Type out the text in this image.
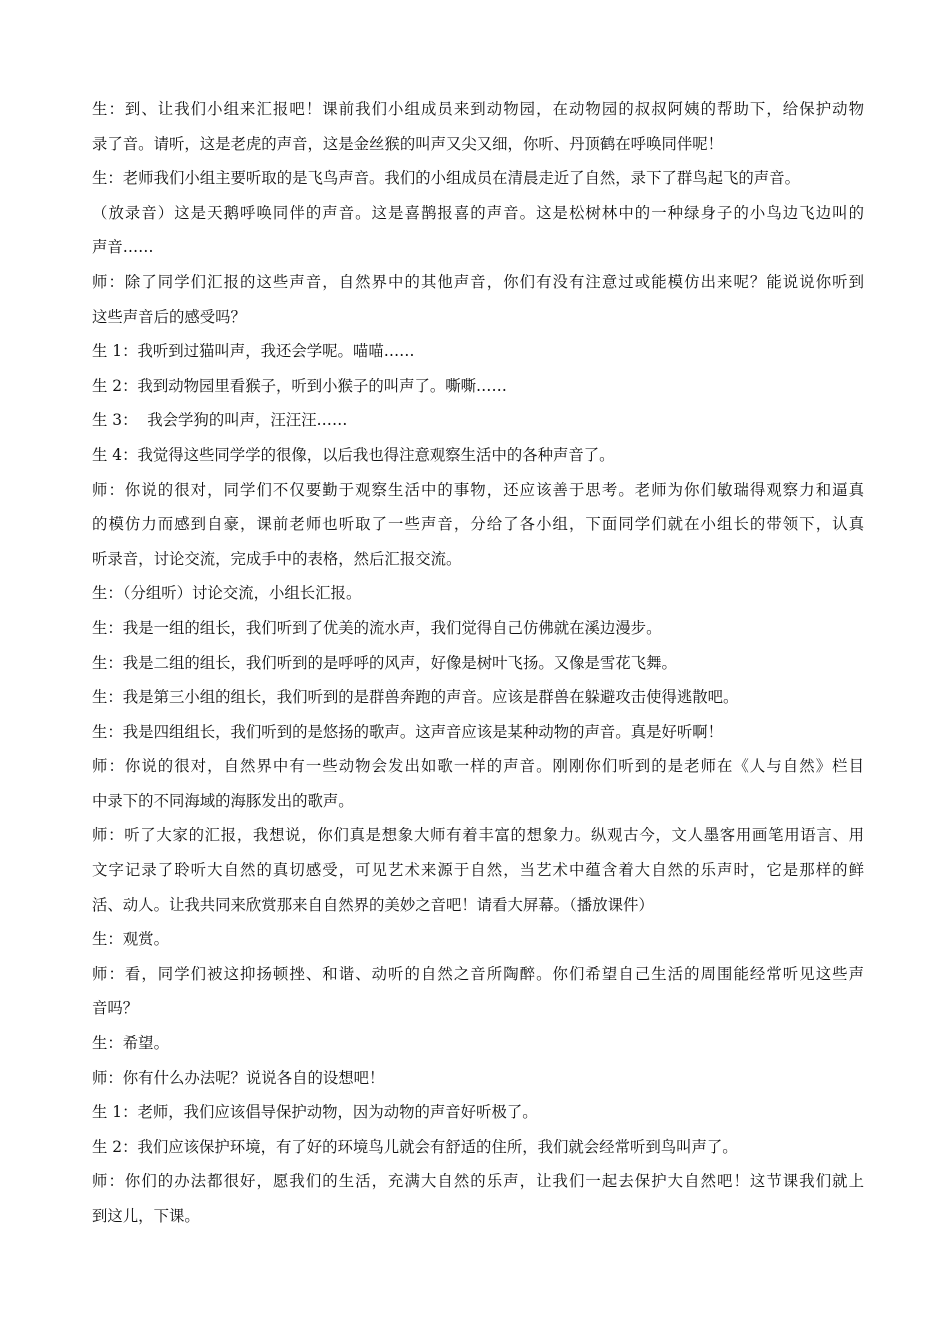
生：到、让我们小组来汇报吧！课前我们小组成员来到动物园，在动物园的叔叔阿姨的帮助下，给保护动物
录了音。请听，这是老虎的声音，这是金丝猴的叫声又尖又细，你听、丹顶鹤在呼唤同伴呢！
生：老师我们小组主要听取的是飞鸟声音。我们的小组成员在清晨走近了自然，录下了群鸟起飞的声音。
（放录音）这是天鹅呼唤同伴的声音。这是喜鹊报喜的声音。这是松树林中的一种绿身子的小鸟边飞边叫的
声音……
师：除了同学们汇报的这些声音，自然界中的其他声音，你们有没有注意过或能模仿出来呢？能说说你听到
这些声音后的感受吗？
生 1：我听到过猫叫声，我还会学呢。喵喵……
生 2：我到动物园里看猴子，听到小猴子的叫声了。嘶嘶……
生 3：  我会学狗的叫声，汪汪汪……
生 4：我觉得这些同学学的很像，以后我也得注意观察生活中的各种声音了。
师：你说的很对，同学们不仅要勤于观察生活中的事物，还应该善于思考。老师为你们敏瑞得观察力和逼真
的模仿力而感到自豪，课前老师也听取了一些声音，分给了各小组，下面同学们就在小组长的带领下，认真
听录音，讨论交流，完成手中的表格，然后汇报交流。
生：（分组听）讨论交流，小组长汇报。
生：我是一组的组长，我们听到了优美的流水声，我们觉得自己仿佛就在溪边漫步。
生：我是二组的组长，我们听到的是呼呼的风声，好像是树叶飞扬。又像是雪花飞舞。
生：我是第三小组的组长，我们听到的是群兽奔跑的声音。应该是群兽在躲避攻击使得逃散吧。
生：我是四组组长，我们听到的是悠扬的歌声。这声音应该是某种动物的声音。真是好听啊！
师：你说的很对，自然界中有一些动物会发出如歌一样的声音。刚刚你们听到的是老师在《人与自然》栏目
中录下的不同海域的海豚发出的歌声。
师：听了大家的汇报，我想说，你们真是想象大师有着丰富的想象力。纵观古今，文人墨客用画笔用语言、用
文字记录了聆听大自然的真切感受，可见艺术来源于自然，当艺术中蕴含着大自然的乐声时，它是那样的鲜
活、动人。让我共同来欣赏那来自自然界的美妙之音吧！请看大屏幕。（播放课件）
生：观赏。
师：看，同学们被这抑扬顿挫、和谐、动听的自然之音所陶醉。你们希望自己生活的周围能经常听见这些声
音吗？
生：希望。
师：你有什么办法呢？说说各自的设想吧！
生 1：老师，我们应该倡导保护动物，因为动物的声音好听极了。
生 2：我们应该保护环境，有了好的环境鸟儿就会有舒适的住所，我们就会经常听到鸟叫声了。
师：你们的办法都很好，愿我们的生活，充满大自然的乐声，让我们一起去保护大自然吧！这节课我们就上
到这儿，下课。
